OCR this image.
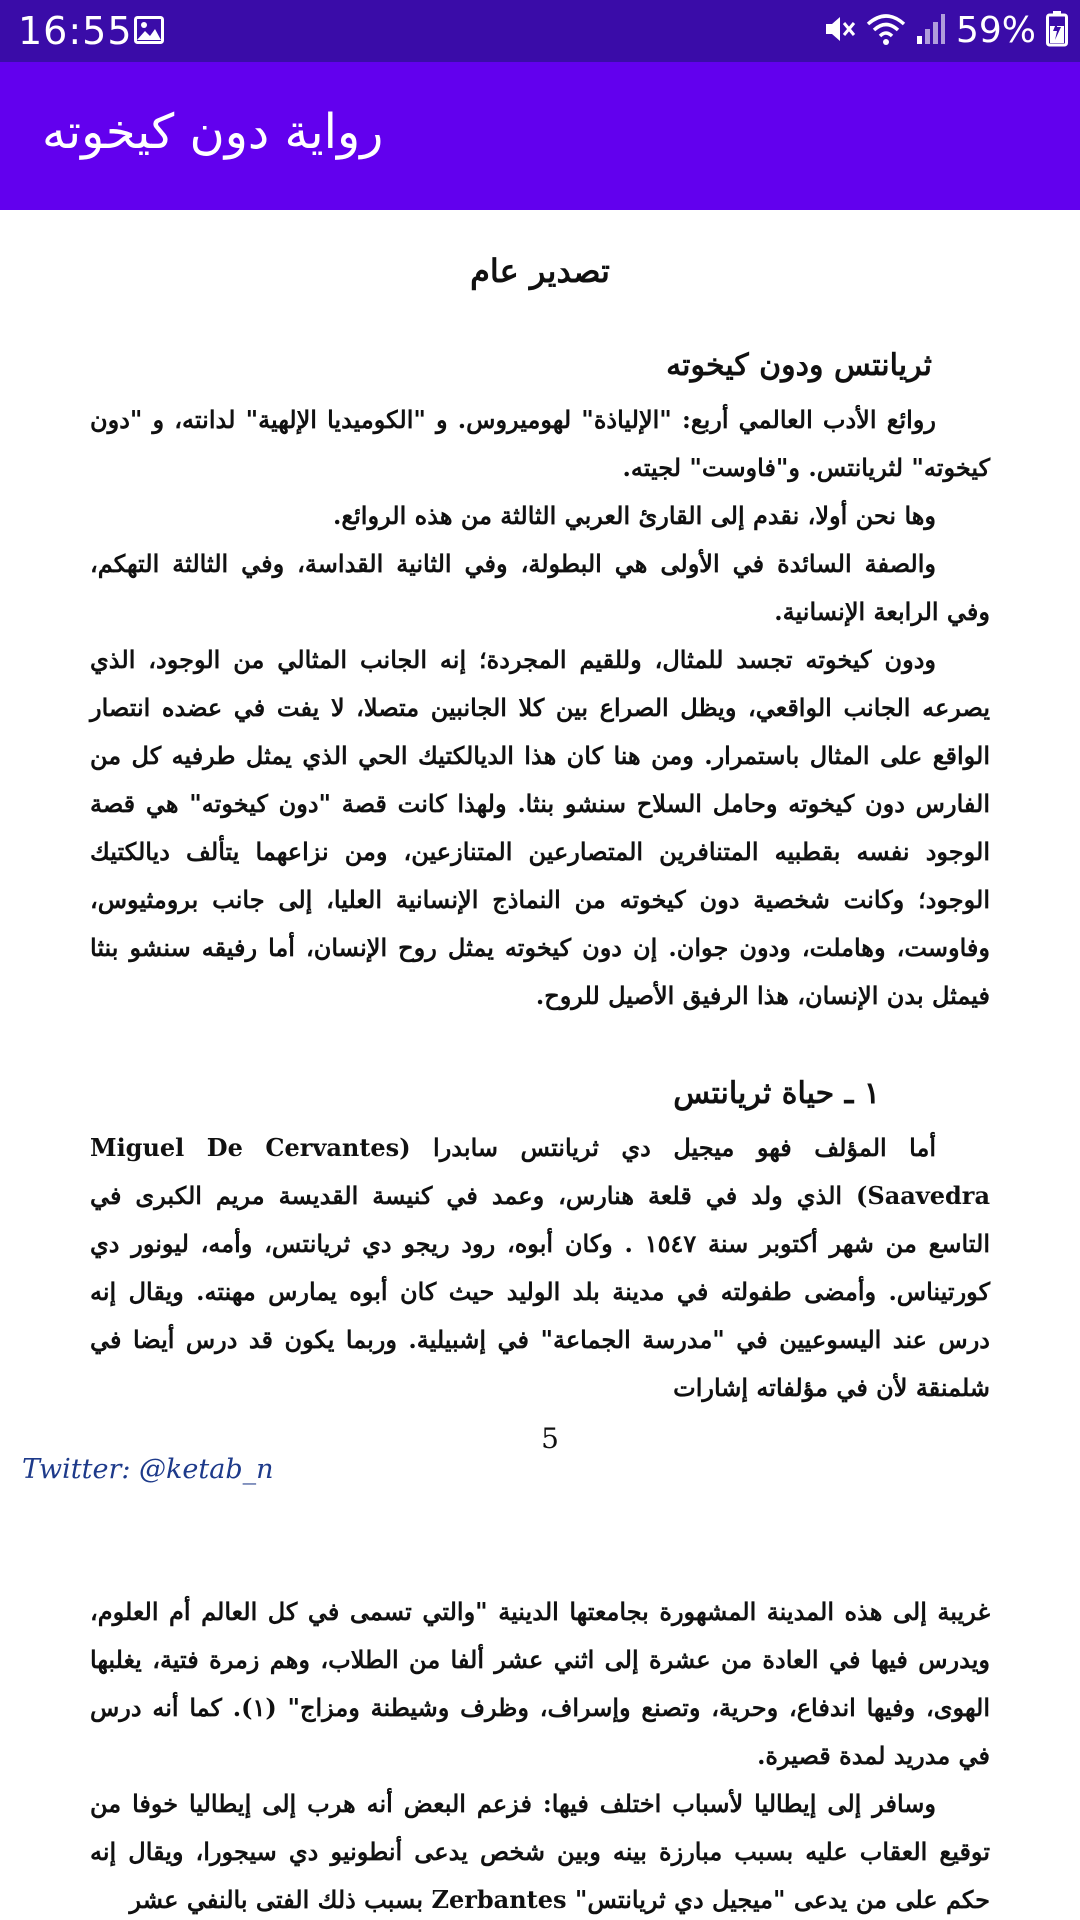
16:55	59%
رواية دون كيخوته
تصدير عام
ثريانتس ودون كيخوته

روائع الأدب العالمي أربع: "الإلياذة" لهوميروس. و "الكوميديا الإلهية" لدانته، و "دون كيخوته" لثريانتس. و"فاوست" لجيته.

وها نحن أولا، نقدم إلى القارئ العربي الثالثة من هذه الروائع.

والصفة السائدة في الأولى هي البطولة، وفي الثانية القداسة، وفي الثالثة التهكم، وفي الرابعة الإنسانية.

ودون كيخوته تجسد للمثال، وللقيم المجردة؛ إنه الجانب المثالي من الوجود، الذي يصرعه الجانب الواقعي، ويظل الصراع بين كلا الجانبين متصلا، لا يفت في عضده انتصار الواقع على المثال باستمرار. ومن هنا كان هذا الديالكتيك الحي الذي يمثل طرفيه كل من الفارس دون كيخوته وحامل السلاح سنشو بنثا. ولهذا كانت قصة "دون كيخوته" هي قصة الوجود نفسه بقطبيه المتنافرين المتصارعين المتنازعين، ومن نزاعهما يتألف ديالكتيك الوجود؛ وكانت شخصية دون كيخوته من النماذج الإنسانية العليا، إلى جانب برومثيوس، وفاوست، وهاملت، ودون جوان. إن دون كيخوته يمثل روح الإنسان، أما رفيقه سنشو بنثا فيمثل بدن الإنسان، هذا الرفيق الأصيل للروح.

١ ـ حياة ثريانتس

أما المؤلف فهو ميجيل دي ثريانتس سابدرا (Miguel De Cervantes Saavedra) الذي ولد في قلعة هنارس، وعمد في كنيسة القديسة مريم الكبرى في التاسع من شهر أكتوبر سنة ١٥٤٧ . وكان أبوه، رود ريجو دي ثريانتس، وأمه، ليونور دي كورتيناس. وأمضى طفولته في مدينة بلد الوليد حيث كان أبوه يمارس مهنته. ويقال إنه درس عند اليسوعيين في "مدرسة الجماعة" في إشبيلية. وربما يكون قد درس أيضا في شلمنقة لأن في مؤلفاته إشارات

5
Twitter: @ketab_n

غريبة إلى هذه المدينة المشهورة بجامعتها الدينية "والتي تسمى في كل العالم أم العلوم، ويدرس فيها في العادة من عشرة إلى اثني عشر ألفا من الطلاب، وهم زمرة فتية، يغلبها الهوى، وفيها اندفاع، وحرية، وتصنع وإسراف، وظرف وشيطنة ومزاج" (١). كما أنه درس في مدريد لمدة قصيرة.

وسافر إلى إيطاليا لأسباب اختلف فيها: فزعم البعض أنه هرب إلى إيطاليا خوفا من توقيع العقاب عليه بسبب مبارزة بينه وبين شخص يدعى أنطونيو دي سيجورا، ويقال إنه حكم على من يدعى "ميجيل دي ثريانتس" Zerbantes بسبب ذلك الفتى بالنفي عشر
